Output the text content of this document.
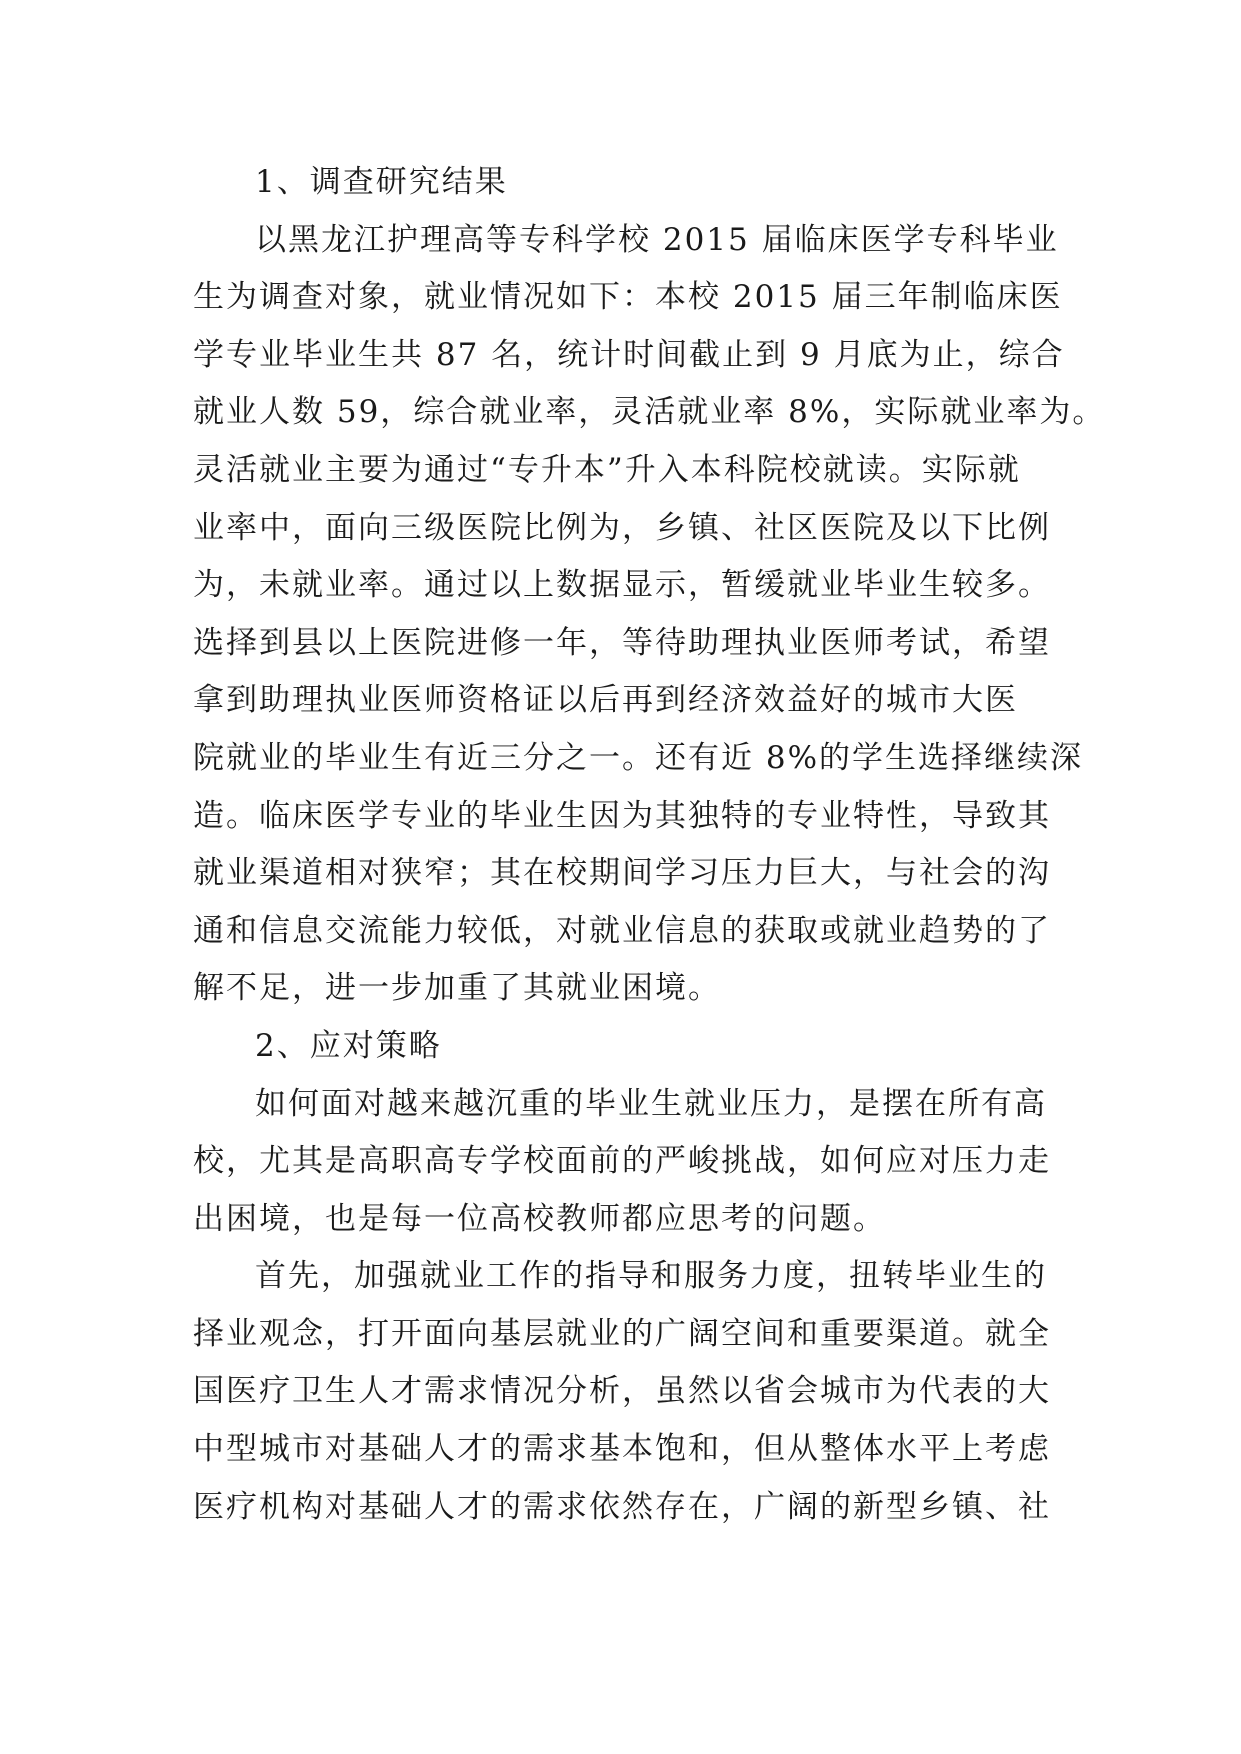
1、调查研究结果
以黑龙江护理高等专科学校 2015 届临床医学专科毕业
生为调查对象，就业情况如下：本校 2015 届三年制临床医
学专业毕业生共 87 名，统计时间截止到 9 月底为止，综合
就业人数 59，综合就业率，灵活就业率 8%，实际就业率为。
灵活就业主要为通过“专升本”升入本科院校就读。实际就
业率中，面向三级医院比例为，乡镇、社区医院及以下比例
为，未就业率。通过以上数据显示，暂缓就业毕业生较多。
选择到县以上医院进修一年，等待助理执业医师考试，希望
拿到助理执业医师资格证以后再到经济效益好的城市大医
院就业的毕业生有近三分之一。还有近 8%的学生选择继续深
造。临床医学专业的毕业生因为其独特的专业特性，导致其
就业渠道相对狭窄；其在校期间学习压力巨大，与社会的沟
通和信息交流能力较低，对就业信息的获取或就业趋势的了
解不足，进一步加重了其就业困境。
2、应对策略
如何面对越来越沉重的毕业生就业压力，是摆在所有高
校，尤其是高职高专学校面前的严峻挑战，如何应对压力走
出困境，也是每一位高校教师都应思考的问题。
首先，加强就业工作的指导和服务力度，扭转毕业生的
择业观念，打开面向基层就业的广阔空间和重要渠道。就全
国医疗卫生人才需求情况分析，虽然以省会城市为代表的大
中型城市对基础人才的需求基本饱和，但从整体水平上考虑
医疗机构对基础人才的需求依然存在，广阔的新型乡镇、社
